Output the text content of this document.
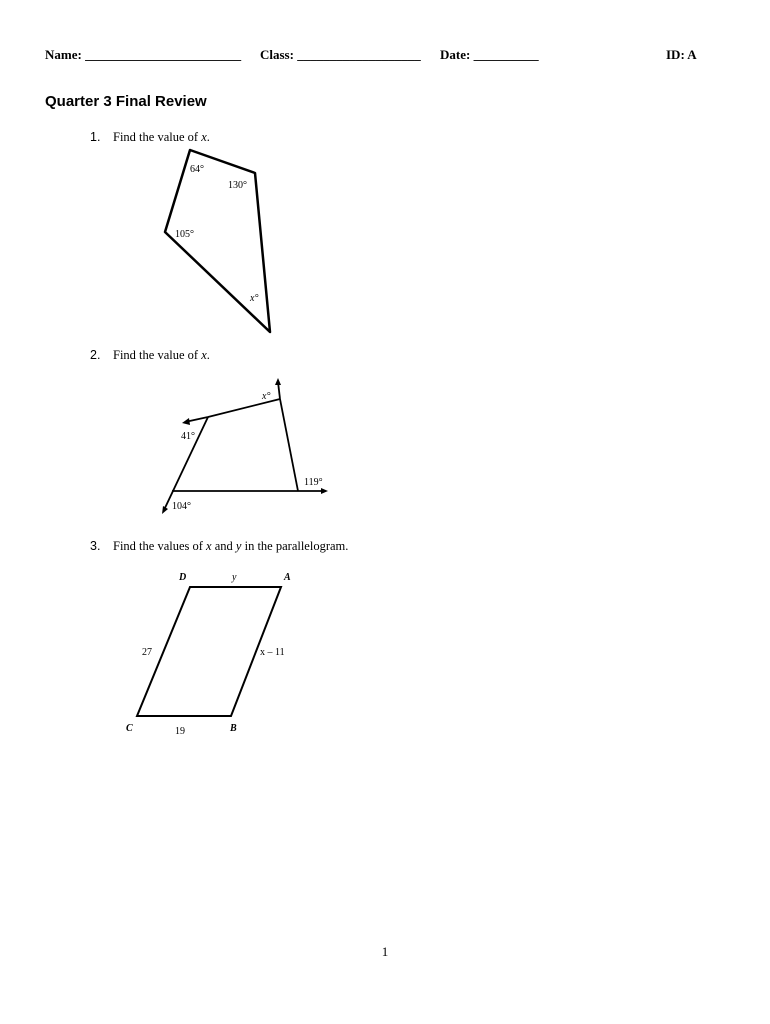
Name: ________________________ Class: ___________________ Date: __________	ID: A
Quarter 3 Final Review
1. Find the value of x.
64°
130°
105°
x°
2. Find the value of x.
x°
41°
119°
104°
3. Find the values of x and y in the parallelogram.
D	A
B
C
y
27	x – 11
19
1
